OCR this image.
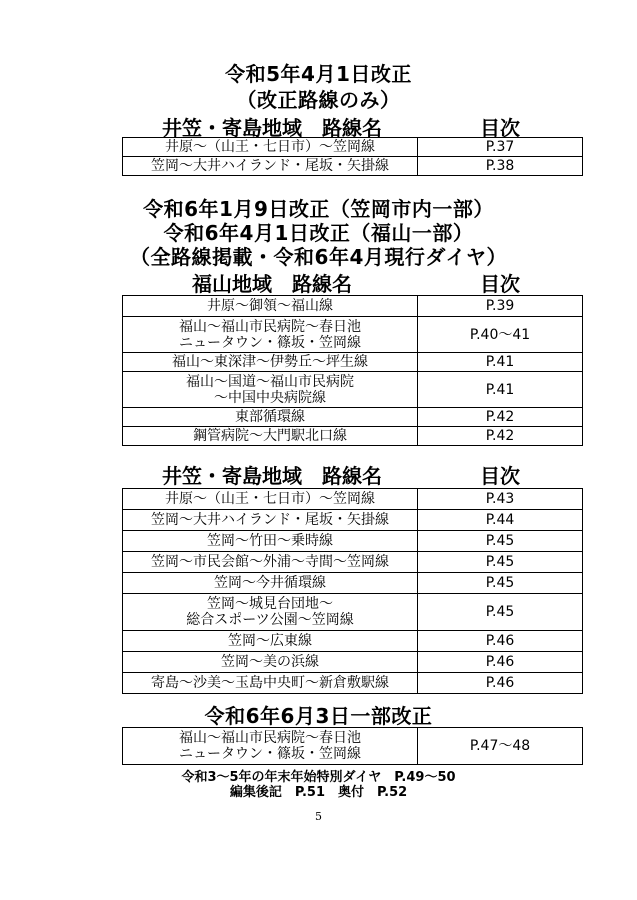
令和5年4月1日改正
（改正路線のみ）
井笠・寄島地域　路線名	目次
井原～（山王・七日市）～笠岡線	P.37
笠岡～大井ハイランド・尾坂・矢掛線	P.38
令和6年1月9日改正（笠岡市内一部）
令和6年4月1日改正（福山一部）
（全路線掲載・令和6年4月現行ダイヤ）
福山地域　路線名	目次
井原～御領～福山線	P.39

福山～福山市民病院～春日池
ニュータウン・篠坂・笠岡線	P.40～41
福山～東深津～伊勢丘～坪生線	P.41

福山～国道～福山市民病院
～中国中央病院線	P.41
東部循環線	P.42
鋼管病院～大門駅北口線	P.42
井笠・寄島地域　路線名	目次
井原～（山王・七日市）～笠岡線	P.43
笠岡～大井ハイランド・尾坂・矢掛線	P.44
笠岡～竹田～乗時線	P.45
笠岡～市民会館～外浦～寺間～笠岡線	P.45
笠岡～今井循環線	P.45

笠岡～城見台団地～
総合スポーツ公園～笠岡線	P.45
笠岡～広東線	P.46
笠岡～美の浜線	P.46
寄島～沙美～玉島中央町～新倉敷駅線	P.46
令和6年6月3日一部改正
福山～福山市民病院～春日池
ニュータウン・篠坂・笠岡線	P.47～48
令和3～5年の年末年始特別ダイヤ　P.49～50
編集後記　P.51　奥付　P.52
5
